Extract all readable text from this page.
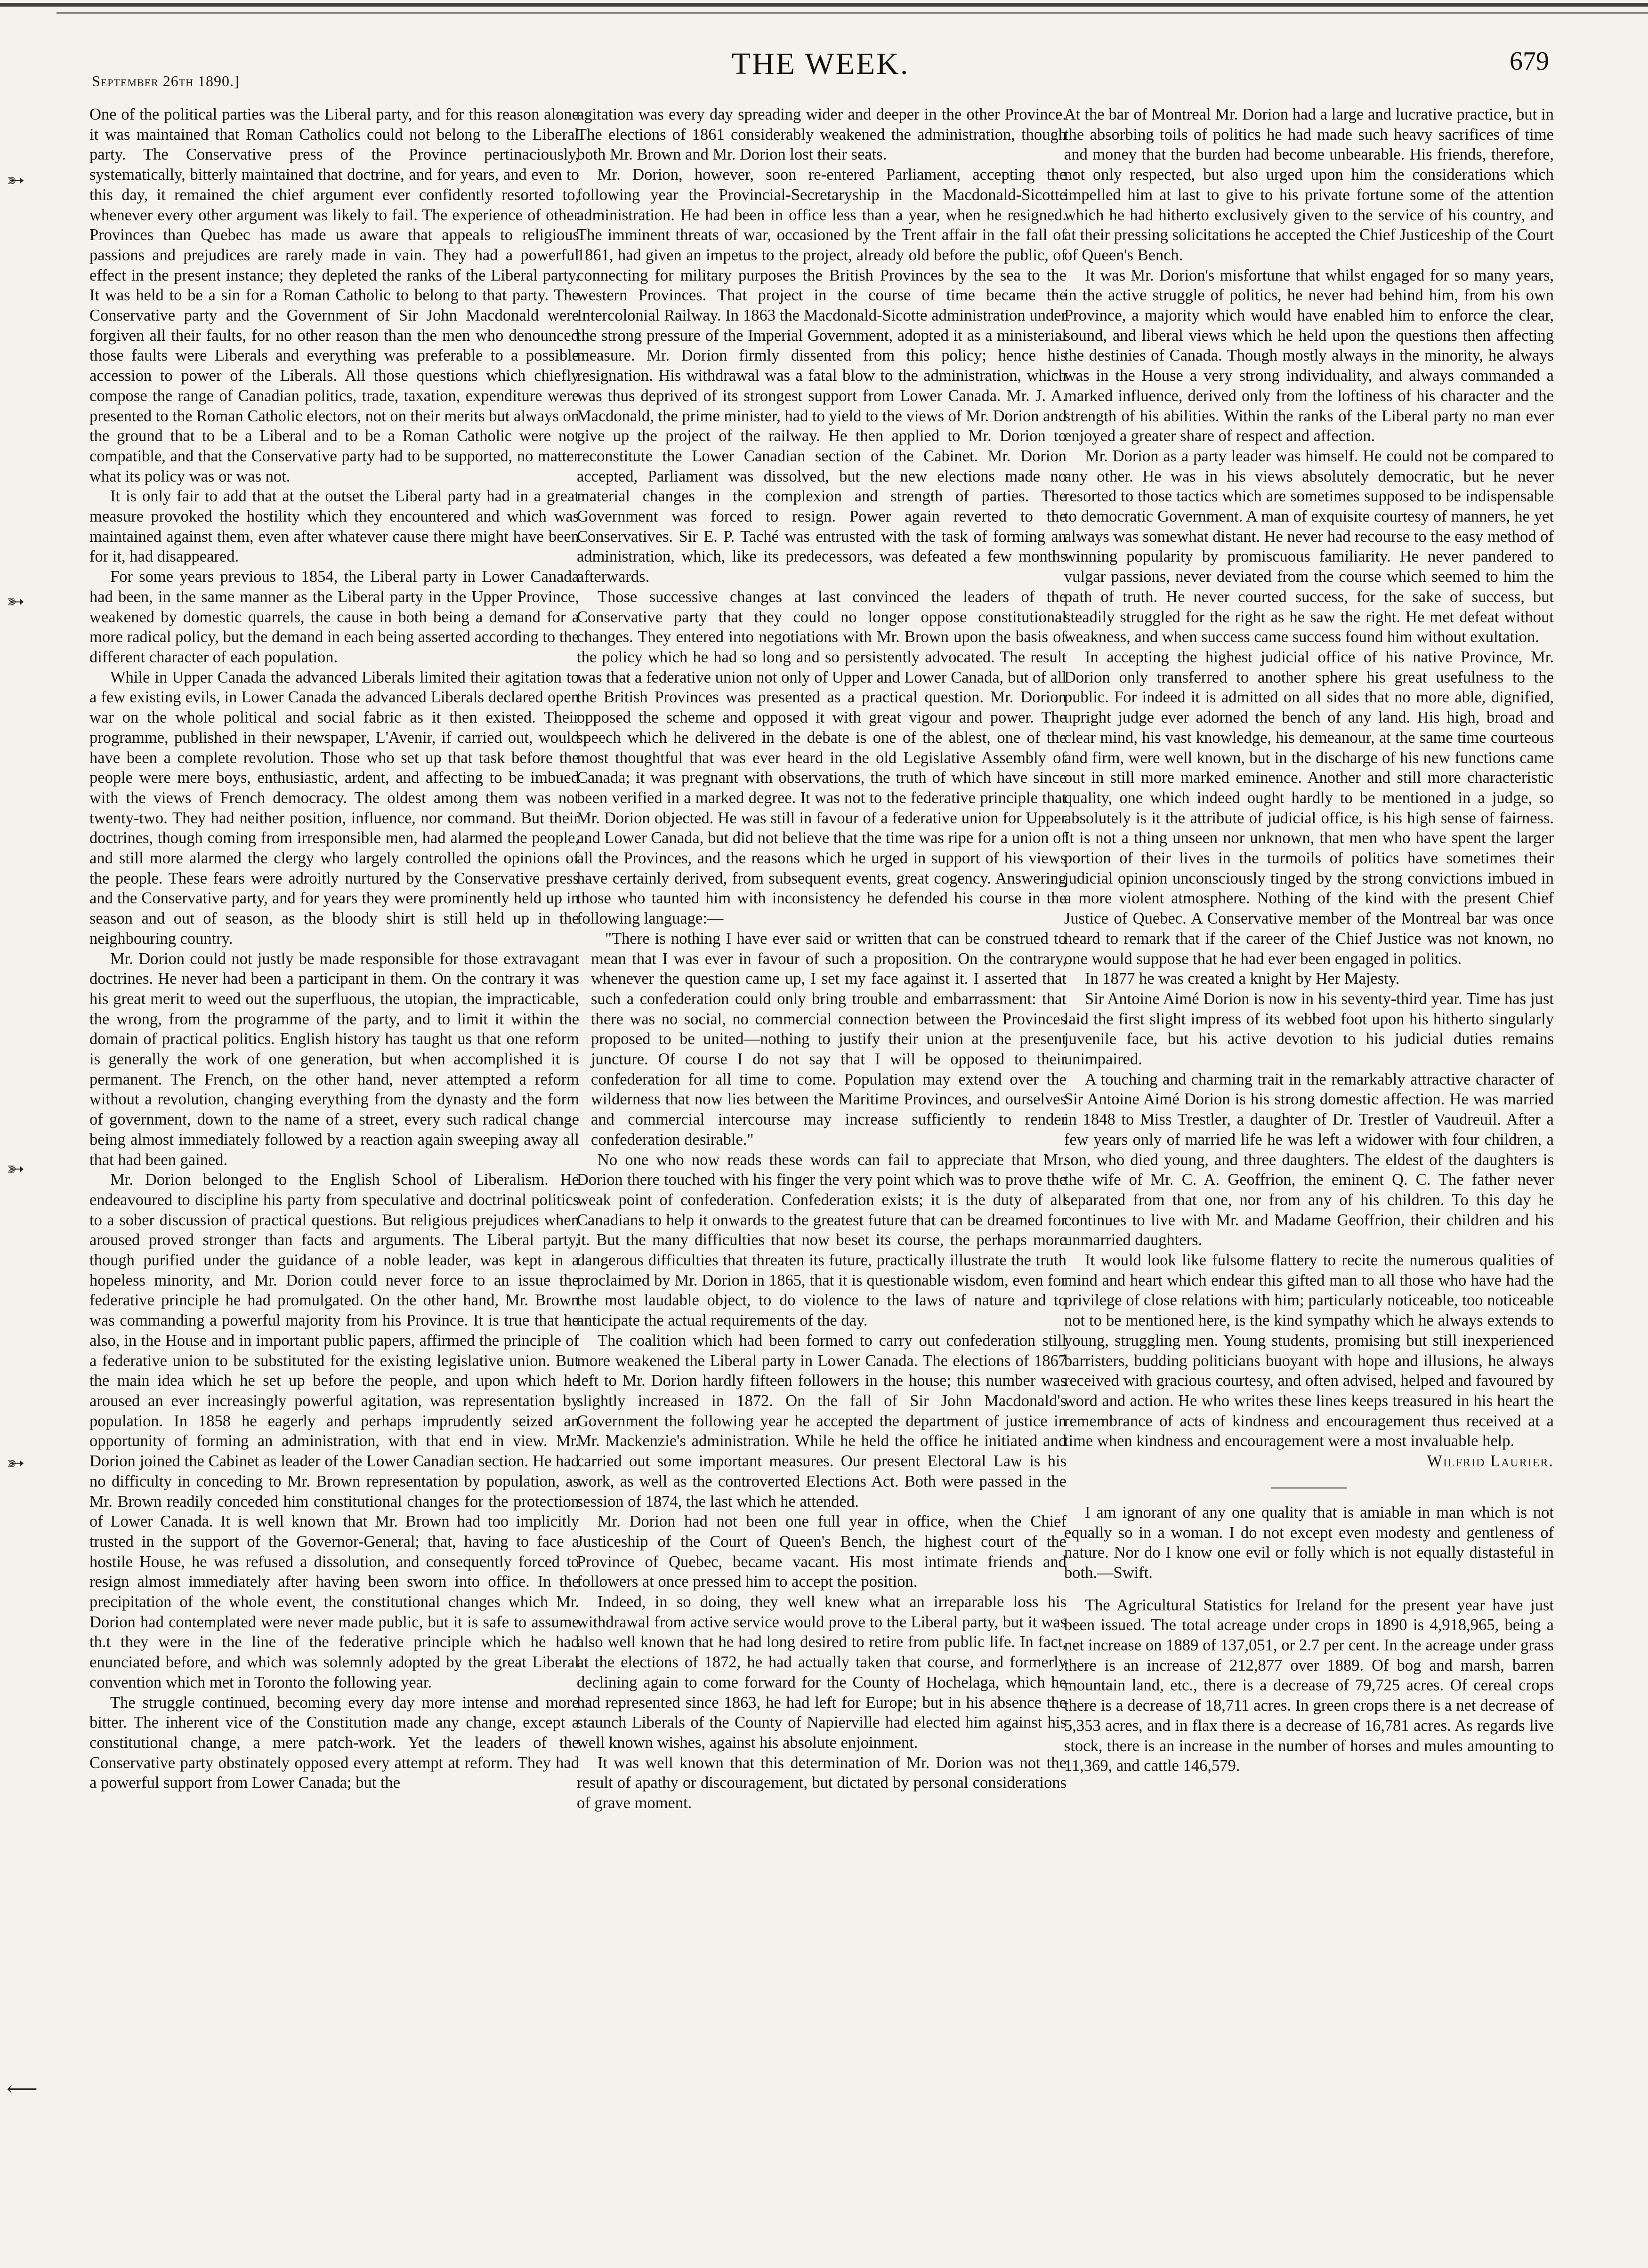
September 26th 1890.]	THE WEEK.	679
➳
➳
➳
➳
⟵

One of the political parties was the Liberal party, and for this reason alone it was maintained that Roman Catholics could not belong to the Liberal party. The Conservative press of the Province pertinaciously, systematically, bitterly maintained that doctrine, and for years, and even to this day, it remained the chief argument ever confidently resorted to, whenever every other argument was likely to fail. The experience of other Provinces than Quebec has made us aware that appeals to religious passions and prejudices are rarely made in vain. They had a powerful effect in the present instance; they depleted the ranks of the Liberal party. It was held to be a sin for a Roman Catholic to belong to that party. The Conservative party and the Government of Sir John Macdonald were forgiven all their faults, for no other reason than the men who denounced those faults were Liberals and everything was preferable to a possible accession to power of the Liberals. All those questions which chiefly compose the range of Canadian politics, trade, taxation, expenditure were presented to the Roman Catholic electors, not on their merits but always on the ground that to be a Liberal and to be a Roman Catholic were not compatible, and that the Conservative party had to be supported, no matter what its policy was or was not.

It is only fair to add that at the outset the Liberal party had in a great measure provoked the hostility which they encountered and which was maintained against them, even after whatever cause there might have been for it, had disappeared.

For some years previous to 1854, the Liberal party in Lower Canada had been, in the same manner as the Liberal party in the Upper Province, weakened by domestic quarrels, the cause in both being a demand for a more radical policy, but the demand in each being asserted according to the different character of each population.

While in Upper Canada the advanced Liberals limited their agitation to a few existing evils, in Lower Canada the advanced Liberals declared open war on the whole political and social fabric as it then existed. Their programme, published in their newspaper, L'Avenir, if carried out, would have been a complete revolution. Those who set up that task before the people were mere boys, enthusiastic, ardent, and affecting to be imbued with the views of French democracy. The oldest among them was not twenty-two. They had neither position, influence, nor command. But their doctrines, though coming from irresponsible men, had alarmed the people, and still more alarmed the clergy who largely controlled the opinions of the people. These fears were adroitly nurtured by the Conservative press and the Conservative party, and for years they were prominently held up in season and out of season, as the bloody shirt is still held up in the neighbouring country.

Mr. Dorion could not justly be made responsible for those extravagant doctrines. He never had been a participant in them. On the contrary it was his great merit to weed out the superfluous, the utopian, the impracticable, the wrong, from the programme of the party, and to limit it within the domain of practical politics. English history has taught us that one reform is generally the work of one generation, but when accomplished it is permanent. The French, on the other hand, never attempted a reform without a revolution, changing everything from the dynasty and the form of government, down to the name of a street, every such radical change being almost immediately followed by a reaction again sweeping away all that had been gained.

Mr. Dorion belonged to the English School of Liberalism. He endeavoured to discipline his party from speculative and doctrinal politics to a sober discussion of practical questions. But religious prejudices when aroused proved stronger than facts and arguments. The Liberal party, though purified under the guidance of a noble leader, was kept in a hopeless minority, and Mr. Dorion could never force to an issue the federative principle he had promulgated. On the other hand, Mr. Brown was commanding a powerful majority from his Province. It is true that he also, in the House and in important public papers, affirmed the principle of a federative union to be substituted for the existing legislative union. But the main idea which he set up before the people, and upon which he aroused an ever increasingly powerful agitation, was representation by population. In 1858 he eagerly and perhaps imprudently seized an opportunity of forming an administration, with that end in view. Mr. Dorion joined the Cabinet as leader of the Lower Canadian section. He had no difficulty in conceding to Mr. Brown representation by population, as Mr. Brown readily conceded him constitutional changes for the protection of Lower Canada. It is well known that Mr. Brown had too implicitly trusted in the support of the Governor-General; that, having to face a hostile House, he was refused a dissolution, and consequently forced to resign almost immediately after having been sworn into office. In the precipitation of the whole event, the constitutional changes which Mr. Dorion had contemplated were never made public, but it is safe to assume th.t they were in the line of the federative principle which he had enunciated before, and which was solemnly adopted by the great Liberal convention which met in Toronto the following year.

The struggle continued, becoming every day more intense and more bitter. The inherent vice of the Constitution made any change, except a constitutional change, a mere patch-work. Yet the leaders of the Conservative party obstinately opposed every attempt at reform. They had a powerful support from Lower Canada; but the

agitation was every day spreading wider and deeper in the other Province. The elections of 1861 considerably weakened the administration, though both Mr. Brown and Mr. Dorion lost their seats.

Mr. Dorion, however, soon re-entered Parliament, accepting the following year the Provincial-Secretaryship in the Macdonald-Sicotte administration. He had been in office less than a year, when he resigned. The imminent threats of war, occasioned by the Trent affair in the fall of 1861, had given an impetus to the project, already old before the public, of connecting for military purposes the British Provinces by the sea to the western Provinces. That project in the course of time became the Intercolonial Railway. In 1863 the Macdonald-Sicotte administration under the strong pressure of the Imperial Government, adopted it as a ministerial measure. Mr. Dorion firmly dissented from this policy; hence his resignation. His withdrawal was a fatal blow to the administration, which was thus deprived of its strongest support from Lower Canada. Mr. J. A. Macdonald, the prime minister, had to yield to the views of Mr. Dorion and give up the project of the railway. He then applied to Mr. Dorion to reconstitute the Lower Canadian section of the Cabinet. Mr. Dorion accepted, Parliament was dissolved, but the new elections made no material changes in the complexion and strength of parties. The Government was forced to resign. Power again reverted to the Conservatives. Sir E. P. Taché was entrusted with the task of forming an administration, which, like its predecessors, was defeated a few months afterwards.

Those successive changes at last convinced the leaders of the Conservative party that they could no longer oppose constitutional changes. They entered into negotiations with Mr. Brown upon the basis of the policy which he had so long and so persistently advocated. The result was that a federative union not only of Upper and Lower Canada, but of all the British Provinces was presented as a practical question. Mr. Dorion opposed the scheme and opposed it with great vigour and power. The speech which he delivered in the debate is one of the ablest, one of the most thoughtful that was ever heard in the old Legislative Assembly of Canada; it was pregnant with observations, the truth of which have since been verified in a marked degree. It was not to the federative principle that Mr. Dorion objected. He was still in favour of a federative union for Upper and Lower Canada, but did not believe that the time was ripe for a union of all the Provinces, and the reasons which he urged in support of his views have certainly derived, from subsequent events, great cogency. Answering those who taunted him with inconsistency he defended his course in the following language:—

"There is nothing I have ever said or written that can be construed to mean that I was ever in favour of such a proposition. On the contrary, whenever the question came up, I set my face against it. I asserted that such a confederation could only bring trouble and embarrassment: that there was no social, no commercial connection between the Provinces proposed to be united—nothing to justify their union at the present juncture. Of course I do not say that I will be opposed to their confederation for all time to come. Population may extend over the wilderness that now lies between the Maritime Provinces, and ourselves and commercial intercourse may increase sufficiently to render confederation desirable."

No one who now reads these words can fail to appreciate that Mr. Dorion there touched with his finger the very point which was to prove the weak point of confederation. Confederation exists; it is the duty of all Canadians to help it onwards to the greatest future that can be dreamed for it. But the many difficulties that now beset its course, the perhaps more dangerous difficulties that threaten its future, practically illustrate the truth proclaimed by Mr. Dorion in 1865, that it is questionable wisdom, even for the most laudable object, to do violence to the laws of nature and to anticipate the actual requirements of the day.

The coalition which had been formed to carry out confederation still more weakened the Liberal party in Lower Canada. The elections of 1867 left to Mr. Dorion hardly fifteen followers in the house; this number was slightly increased in 1872. On the fall of Sir John Macdonald's Government the following year he accepted the department of justice in Mr. Mackenzie's administration. While he held the office he initiated and carried out some important measures. Our present Electoral Law is his work, as well as the controverted Elections Act. Both were passed in the session of 1874, the last which he attended.

Mr. Dorion had not been one full year in office, when the Chief Justiceship of the Court of Queen's Bench, the highest court of the Province of Quebec, became vacant. His most intimate friends and followers at once pressed him to accept the position.

Indeed, in so doing, they well knew what an irreparable loss his withdrawal from active service would prove to the Liberal party, but it was also well known that he had long desired to retire from public life. In fact, at the elections of 1872, he had actually taken that course, and formerly declining again to come forward for the County of Hochelaga, which he had represented since 1863, he had left for Europe; but in his absence the staunch Liberals of the County of Napierville had elected him against his well known wishes, against his absolute enjoinment.

It was well known that this determination of Mr. Dorion was not the result of apathy or discouragement, but dictated by personal considerations of grave moment.

At the bar of Montreal Mr. Dorion had a large and lucrative practice, but in the absorbing toils of politics he had made such heavy sacrifices of time and money that the burden had become unbearable. His friends, therefore, not only respected, but also urged upon him the considerations which impelled him at last to give to his private fortune some of the attention which he had hitherto exclusively given to the service of his country, and at their pressing solicitations he accepted the Chief Justiceship of the Court of Queen's Bench.

It was Mr. Dorion's misfortune that whilst engaged for so many years, in the active struggle of politics, he never had behind him, from his own Province, a majority which would have enabled him to enforce the clear, sound, and liberal views which he held upon the questions then affecting the destinies of Canada. Though mostly always in the minority, he always was in the House a very strong individuality, and always commanded a marked influence, derived only from the loftiness of his character and the strength of his abilities. Within the ranks of the Liberal party no man ever enjoyed a greater share of respect and affection.

Mr. Dorion as a party leader was himself. He could not be compared to any other. He was in his views absolutely democratic, but he never resorted to those tactics which are sometimes supposed to be indispensable to democratic Government. A man of exquisite courtesy of manners, he yet always was somewhat distant. He never had recourse to the easy method of winning popularity by promiscuous familiarity. He never pandered to vulgar passions, never deviated from the course which seemed to him the path of truth. He never courted success, for the sake of success, but steadily struggled for the right as he saw the right. He met defeat without weakness, and when success came success found him without exultation.

In accepting the highest judicial office of his native Province, Mr. Dorion only transferred to another sphere his great usefulness to the public. For indeed it is admitted on all sides that no more able, dignified, upright judge ever adorned the bench of any land. His high, broad and clear mind, his vast knowledge, his demeanour, at the same time courteous and firm, were well known, but in the discharge of his new functions came out in still more marked eminence. Another and still more characteristic quality, one which indeed ought hardly to be mentioned in a judge, so absolutely is it the attribute of judicial office, is his high sense of fairness. It is not a thing unseen nor unknown, that men who have spent the larger portion of their lives in the turmoils of politics have sometimes their judicial opinion unconsciously tinged by the strong convictions imbued in a more violent atmosphere. Nothing of the kind with the present Chief Justice of Quebec. A Conservative member of the Montreal bar was once heard to remark that if the career of the Chief Justice was not known, no one would suppose that he had ever been engaged in politics.

In 1877 he was created a knight by Her Majesty.

Sir Antoine Aimé Dorion is now in his seventy-third year. Time has just laid the first slight impress of its webbed foot upon his hitherto singularly juvenile face, but his active devotion to his judicial duties remains unimpaired.

A touching and charming trait in the remarkably attractive character of Sir Antoine Aimé Dorion is his strong domestic affection. He was married in 1848 to Miss Trestler, a daughter of Dr. Trestler of Vaudreuil. After a few years only of married life he was left a widower with four children, a son, who died young, and three daughters. The eldest of the daughters is the wife of Mr. C. A. Geoffrion, the eminent Q. C. The father never separated from that one, nor from any of his children. To this day he continues to live with Mr. and Madame Geoffrion, their children and his unmarried daughters.

It would look like fulsome flattery to recite the numerous qualities of mind and heart which endear this gifted man to all those who have had the privilege of close relations with him; particularly noticeable, too noticeable not to be mentioned here, is the kind sympathy which he always extends to young, struggling men. Young students, promising but still inexperienced barristers, budding politicians buoyant with hope and illusions, he always received with gracious courtesy, and often advised, helped and favoured by word and action. He who writes these lines keeps treasured in his heart the remembrance of acts of kindness and encouragement thus received at a time when kindness and encouragement were a most invaluable help.

Wilfrid Laurier.

I am ignorant of any one quality that is amiable in man which is not equally so in a woman. I do not except even modesty and gentleness of nature. Nor do I know one evil or folly which is not equally distasteful in both.—Swift.

The Agricultural Statistics for Ireland for the present year have just been issued. The total acreage under crops in 1890 is 4,918,965, being a net increase on 1889 of 137,051, or 2.7 per cent. In the acreage under grass there is an increase of 212,877 over 1889. Of bog and marsh, barren mountain land, etc., there is a decrease of 79,725 acres. Of cereal crops there is a decrease of 18,711 acres. In green crops there is a net decrease of 5,353 acres, and in flax there is a decrease of 16,781 acres. As regards live stock, there is an increase in the number of horses and mules amounting to 11,369, and cattle 146,579.
